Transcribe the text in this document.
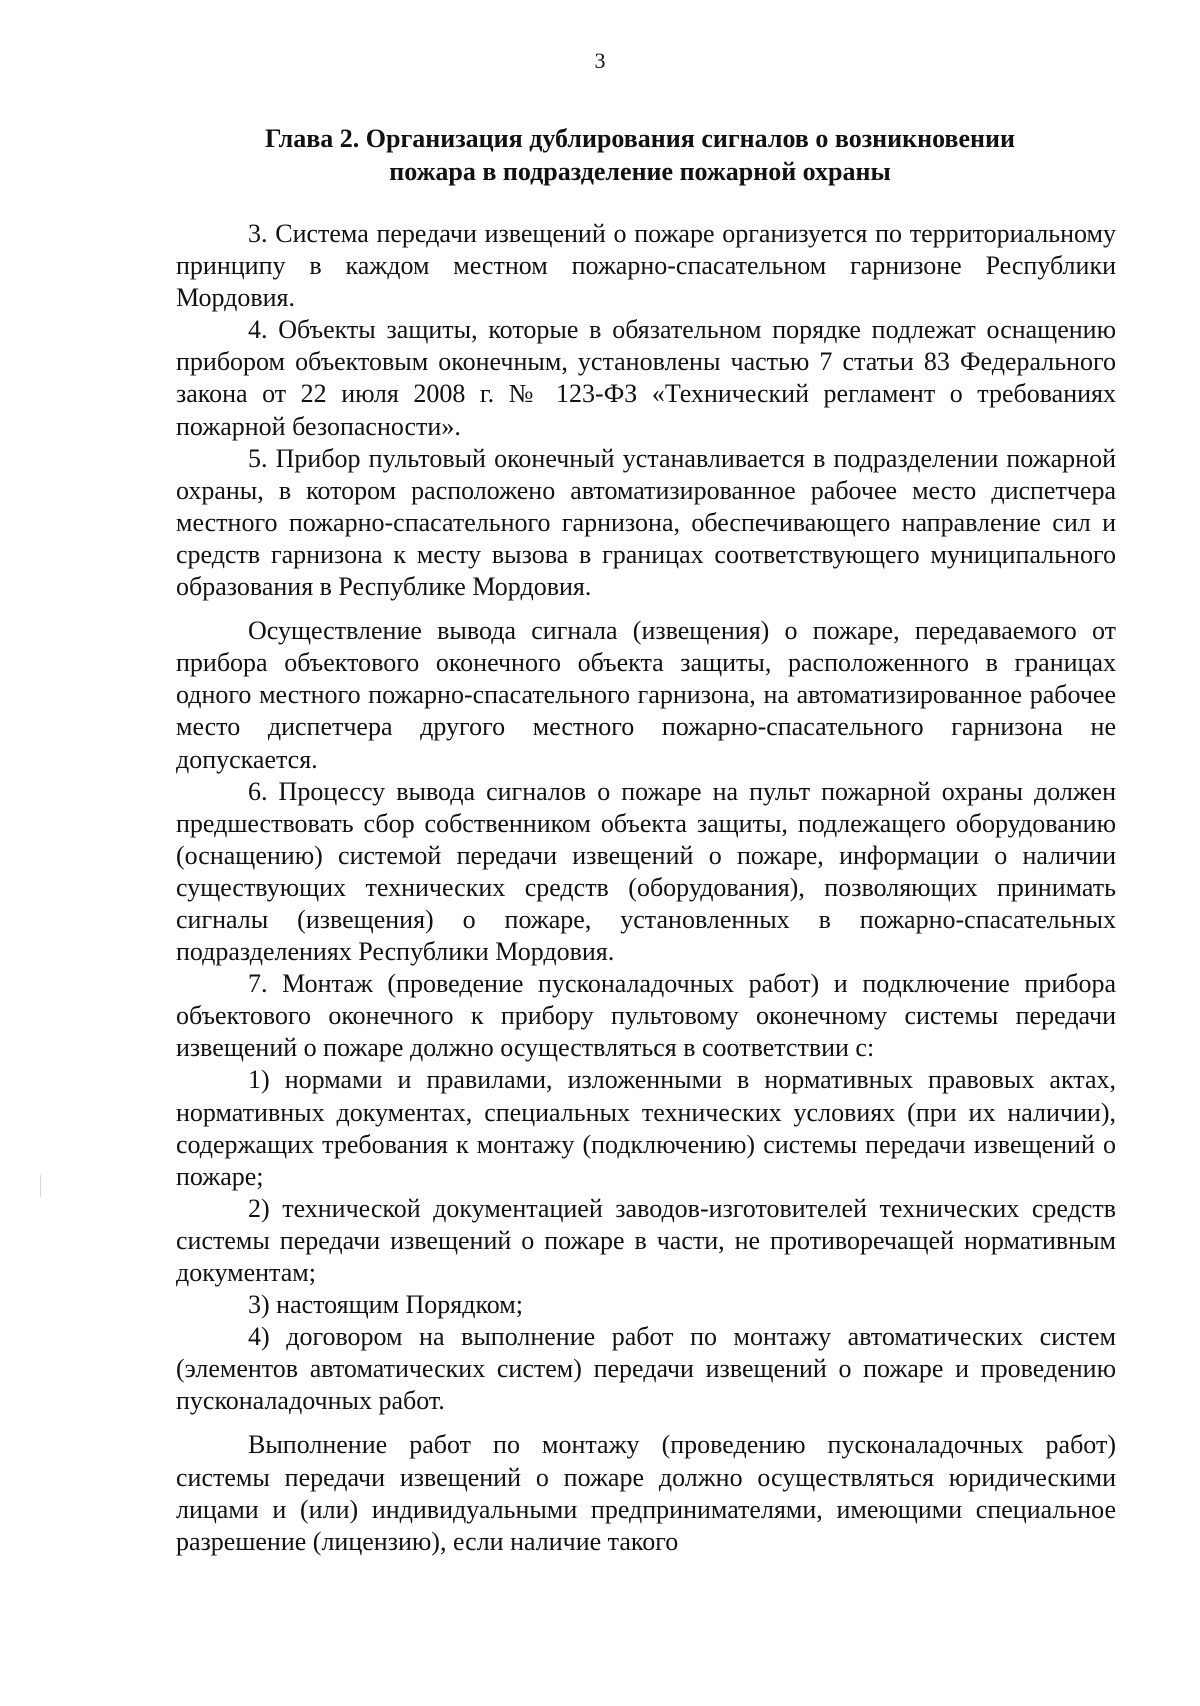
3
Глава 2. Организация дублирования сигналов о возникновении пожара в подразделение пожарной охраны

3. Система передачи извещений о пожаре организуется по территориальному принципу в каждом местном пожарно-спасательном гарнизоне Республики Мордовия.

4. Объекты защиты, которые в обязательном порядке подлежат оснащению прибором объектовым оконечным, установлены частью 7 статьи 83 Федерального закона от 22 июля 2008 г. № 123-ФЗ «Технический регламент о требованиях пожарной безопасности».

5. Прибор пультовый оконечный устанавливается в подразделении пожарной охраны, в котором расположено автоматизированное рабочее место диспетчера местного пожарно-спасательного гарнизона, обеспечивающего направление сил и средств гарнизона к месту вызова в границах соответствующего муниципального образования в Республике Мордовия.

Осуществление вывода сигнала (извещения) о пожаре, передаваемого от прибора объектового оконечного объекта защиты, расположенного в границах одного местного пожарно-спасательного гарнизона, на автоматизированное рабочее место диспетчера другого местного пожарно-спасательного гарнизона не допускается.

6. Процессу вывода сигналов о пожаре на пульт пожарной охраны должен предшествовать сбор собственником объекта защиты, подлежащего оборудованию (оснащению) системой передачи извещений о пожаре, информации о наличии существующих технических средств (оборудования), позволяющих принимать сигналы (извещения) о пожаре, установленных в пожарно-спасательных подразделениях Республики Мордовия.

7. Монтаж (проведение пусконаладочных работ) и подключение прибора объектового оконечного к прибору пультовому оконечному системы передачи извещений о пожаре должно осуществляться в соответствии с:

1) нормами и правилами, изложенными в нормативных правовых актах, нормативных документах, специальных технических условиях (при их наличии), содержащих требования к монтажу (подключению) системы передачи извещений о пожаре;

2) технической документацией заводов-изготовителей технических средств системы передачи извещений о пожаре в части, не противоречащей нормативным документам;

3) настоящим Порядком;

4) договором на выполнение работ по монтажу автоматических систем (элементов автоматических систем) передачи извещений о пожаре и проведению пусконаладочных работ.

Выполнение работ по монтажу (проведению пусконаладочных работ) системы передачи извещений о пожаре должно осуществляться юридическими лицами и (или) индивидуальными предпринимателями, имеющими специальное разрешение (лицензию), если наличие такого
